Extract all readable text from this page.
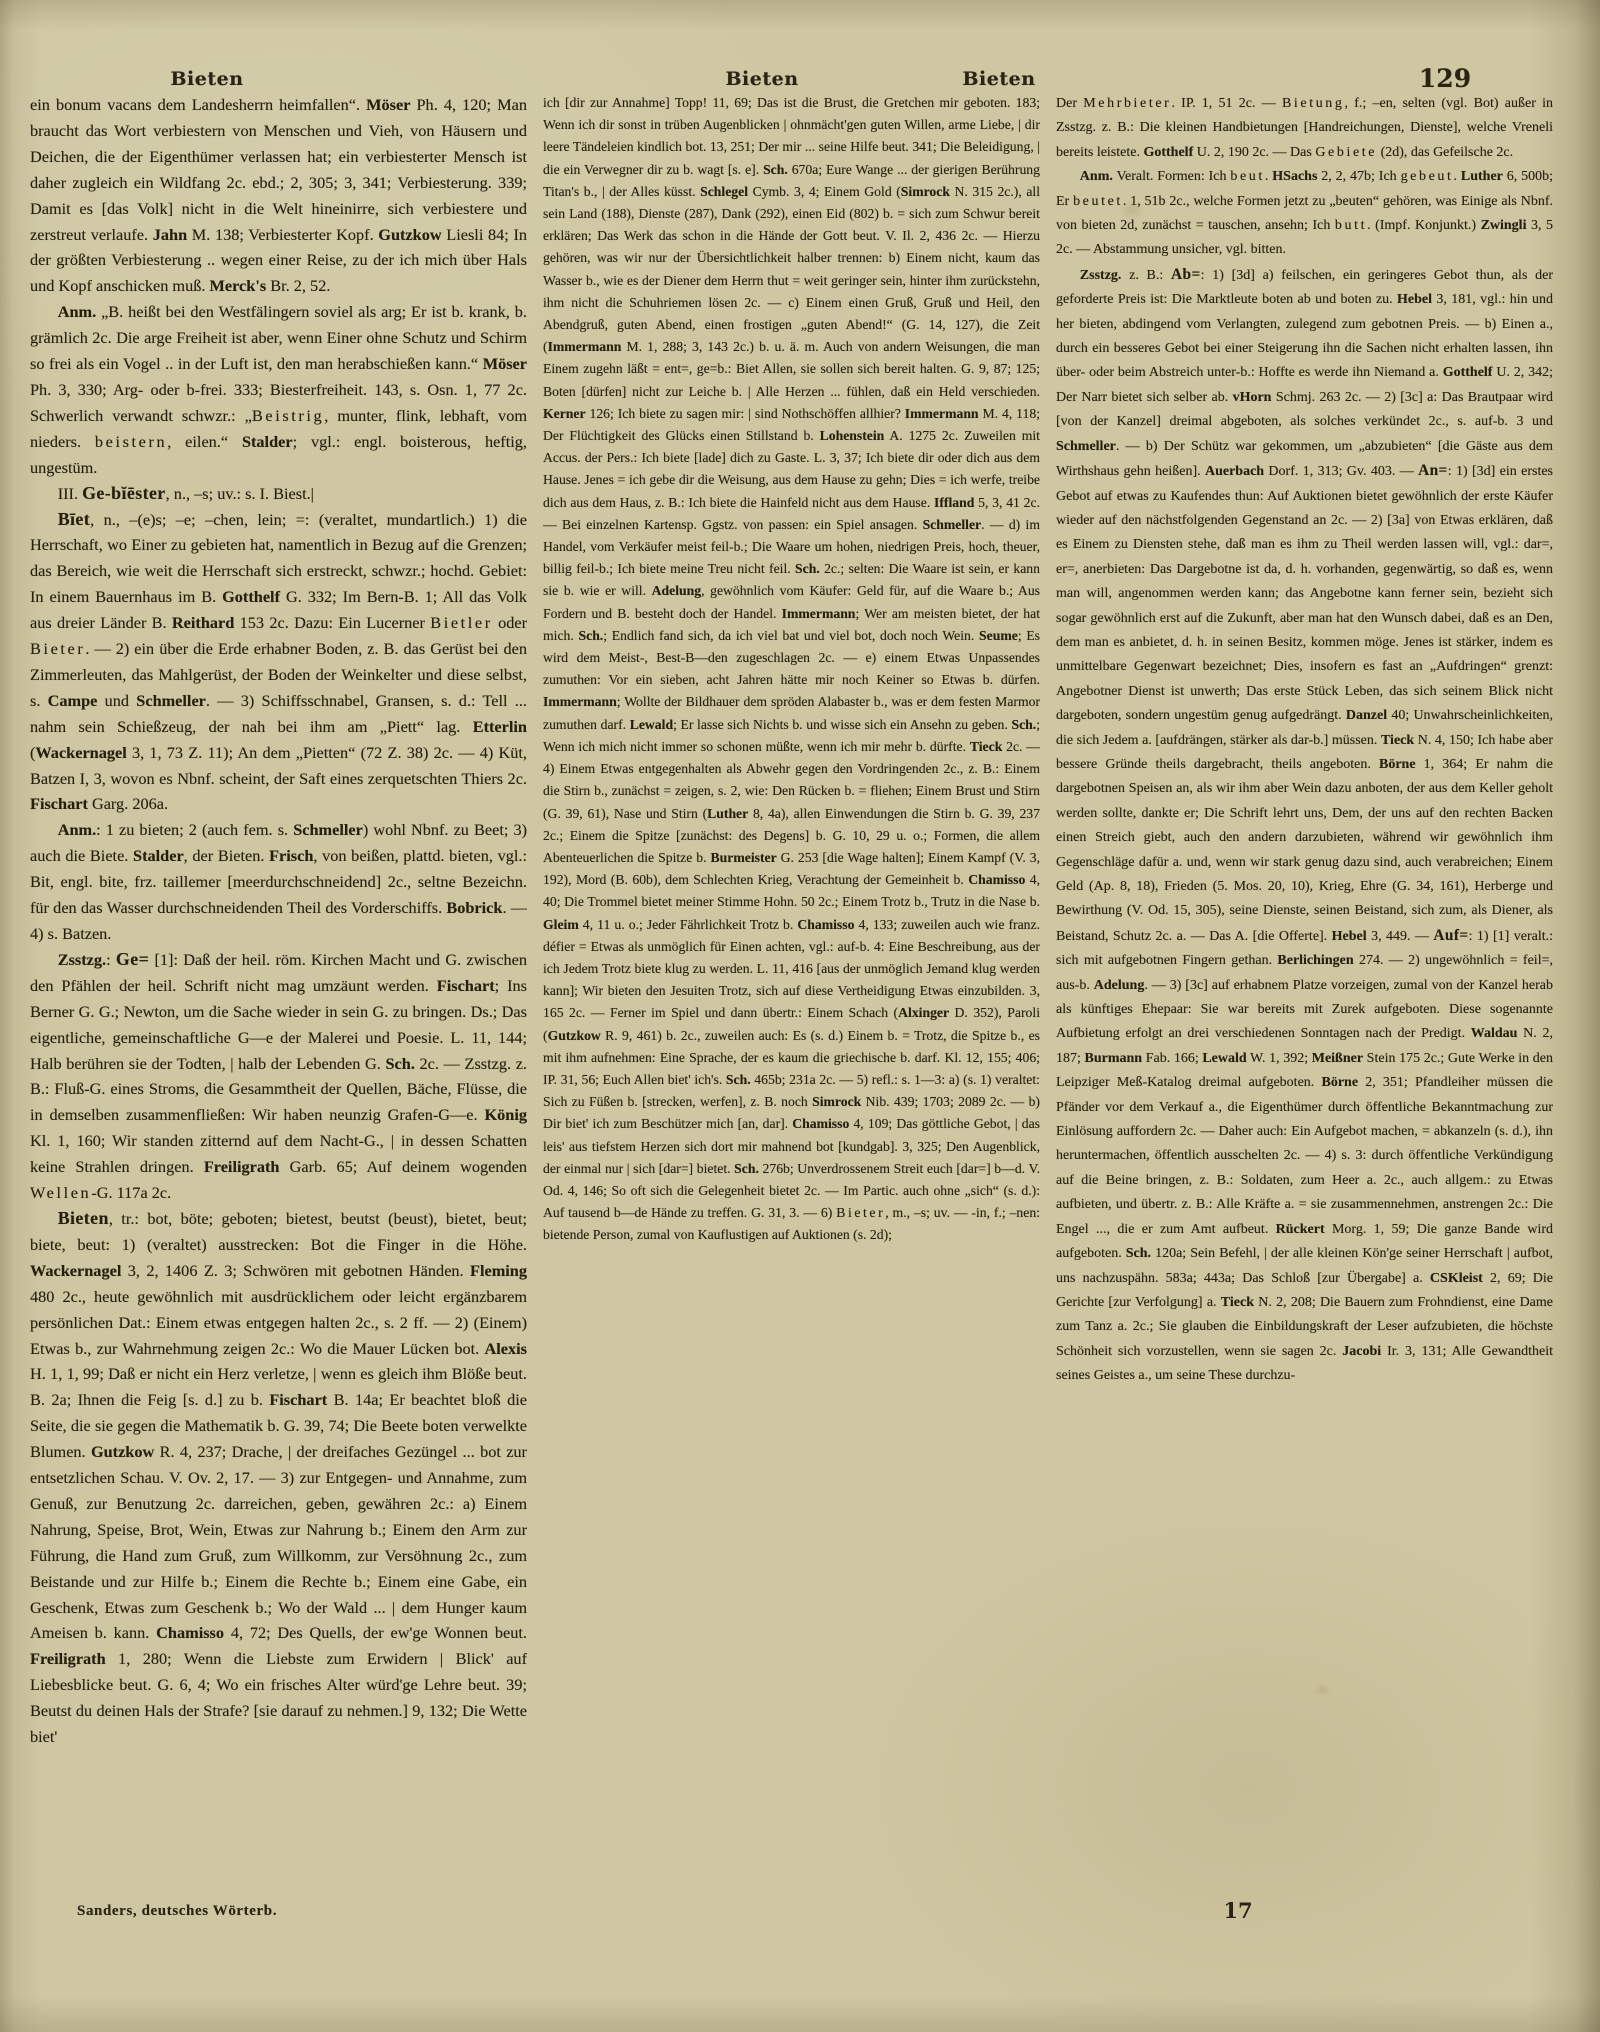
Bieten	Bieten	Bieten	129

ein bonum vacans dem Landesherrn heimfallen“. Möser Ph. 4, 120; Man braucht das Wort verbiestern von Menschen und Vieh, von Häusern und Deichen, die der Eigenthümer verlassen hat; ein verbiesterter Mensch ist daher zugleich ein Wildfang 2c. ebd.; 2, 305; 3, 341; Verbiesterung. 339; Damit es [das Volk] nicht in die Welt hineinirre, sich verbiestere und zerstreut verlaufe. Jahn M. 138; Verbiesterter Kopf. Gutzkow Liesli 84; In der größten Verbiesterung .. wegen einer Reise, zu der ich mich über Hals und Kopf anschicken muß. Merck's Br. 2, 52.

Anm. „B. heißt bei den Westfälingern soviel als arg; Er ist b. krank, b. grämlich 2c. Die arge Freiheit ist aber, wenn Einer ohne Schutz und Schirm so frei als ein Vogel .. in der Luft ist, den man herabschießen kann.“ Möser Ph. 3, 330; Arg- oder b-frei. 333; Biesterfreiheit. 143, s. Osn. 1, 77 2c. Schwerlich verwandt schwzr.: „Beistrig, munter, flink, lebhaft, vom nieders. beistern, eilen.“ Stalder; vgl.: engl. boisterous, heftig, ungestüm.

III. Ge-bĭēster, n., –s; uv.: s. I. Biest.|

Bīet, n., –(e)s; –e; –chen, lein; =: (veraltet, mundartlich.) 1) die Herrschaft, wo Einer zu gebieten hat, namentlich in Bezug auf die Grenzen; das Bereich, wie weit die Herrschaft sich erstreckt, schwzr.; hochd. Gebiet: In einem Bauernhaus im B. Gotthelf G. 332; Im Bern-B. 1; All das Volk aus dreier Länder B. Reithard 153 2c. Dazu: Ein Lucerner Bietler oder Bieter. — 2) ein über die Erde erhabner Boden, z. B. das Gerüst bei den Zimmerleuten, das Mahlgerüst, der Boden der Weinkelter und diese selbst, s. Campe und Schmeller. — 3) Schiffsschnabel, Gransen, s. d.: Tell ... nahm sein Schießzeug, der nah bei ihm am „Piett“ lag. Etterlin (Wackernagel 3, 1, 73 Z. 11); An dem „Pietten“ (72 Z. 38) 2c. — 4) Küt, Batzen I, 3, wovon es Nbnf. scheint, der Saft eines zerquetschten Thiers 2c. Fischart Garg. 206a.

Anm.: 1 zu bieten; 2 (auch fem. s. Schmeller) wohl Nbnf. zu Beet; 3) auch die Biete. Stalder, der Bieten. Frisch, von beißen, plattd. bieten, vgl.: Bit, engl. bite, frz. taillemer [meerdurchschneidend] 2c., seltne Bezeichn. für den das Wasser durchschneidenden Theil des Vorderschiffs. Bobrick. — 4) s. Batzen.

Zsstzg.: Ge= [1]: Daß der heil. röm. Kirchen Macht und G. zwischen den Pfählen der heil. Schrift nicht mag umzäunt werden. Fischart; Ins Berner G. G.; Newton, um die Sache wieder in sein G. zu bringen. Ds.; Das eigentliche, gemeinschaftliche G—e der Malerei und Poesie. L. 11, 144; Halb berühren sie der Todten, | halb der Lebenden G. Sch. 2c. — Zsstzg. z. B.: Fluß-G. eines Stroms, die Gesammtheit der Quellen, Bäche, Flüsse, die in demselben zusammenfließen: Wir haben neunzig Grafen-G—e. König Kl. 1, 160; Wir standen zitternd auf dem Nacht-G., | in dessen Schatten keine Strahlen dringen. Freiligrath Garb. 65; Auf deinem wogenden Wellen-G. 117a 2c.

Bieten, tr.: bot, böte; geboten; bietest, beutst (beust), bietet, beut; biete, beut: 1) (veraltet) ausstrecken: Bot die Finger in die Höhe. Wackernagel 3, 2, 1406 Z. 3; Schwören mit gebotnen Händen. Fleming 480 2c., heute gewöhnlich mit ausdrücklichem oder leicht ergänzbarem persönlichen Dat.: Einem etwas entgegen halten 2c., s. 2 ff. — 2) (Einem) Etwas b., zur Wahrnehmung zeigen 2c.: Wo die Mauer Lücken bot. Alexis H. 1, 1, 99; Daß er nicht ein Herz verletze, | wenn es gleich ihm Blöße beut. B. 2a; Ihnen die Feig [s. d.] zu b. Fischart B. 14a; Er beachtet bloß die Seite, die sie gegen die Mathematik b. G. 39, 74; Die Beete boten verwelkte Blumen. Gutzkow R. 4, 237; Drache, | der dreifaches Gezüngel ... bot zur entsetzlichen Schau. V. Ov. 2, 17. — 3) zur Entgegen- und Annahme, zum Genuß, zur Benutzung 2c. darreichen, geben, gewähren 2c.: a) Einem Nahrung, Speise, Brot, Wein, Etwas zur Nahrung b.; Einem den Arm zur Führung, die Hand zum Gruß, zum Willkomm, zur Versöhnung 2c., zum Beistande und zur Hilfe b.; Einem die Rechte b.; Einem eine Gabe, ein Geschenk, Etwas zum Geschenk b.; Wo der Wald ... | dem Hunger kaum Ameisen b. kann. Chamisso 4, 72; Des Quells, der ew'ge Wonnen beut. Freiligrath 1, 280; Wenn die Liebste zum Erwidern | Blick' auf Liebesblicke beut. G. 6, 4; Wo ein frisches Alter würd'ge Lehre beut. 39; Beutst du deinen Hals der Strafe? [sie darauf zu nehmen.] 9, 132; Die Wette biet'

ich [dir zur Annahme] Topp! 11, 69; Das ist die Brust, die Gretchen mir geboten. 183; Wenn ich dir sonst in trüben Augenblicken | ohnmächt'gen guten Willen, arme Liebe, | dir leere Tändeleien kindlich bot. 13, 251; Der mir ... seine Hilfe beut. 341; Die Beleidigung, | die ein Verwegner dir zu b. wagt [s. e]. Sch. 670a; Eure Wange ... der gierigen Berührung Titan's b., | der Alles küsst. Schlegel Cymb. 3, 4; Einem Gold (Simrock N. 315 2c.), all sein Land (188), Dienste (287), Dank (292), einen Eid (802) b. = sich zum Schwur bereit erklären; Das Werk das schon in die Hände der Gott beut. V. Il. 2, 436 2c. — Hierzu gehören, was wir nur der Übersichtlichkeit halber trennen: b) Einem nicht, kaum das Wasser b., wie es der Diener dem Herrn thut = weit geringer sein, hinter ihm zurückstehn, ihm nicht die Schuhriemen lösen 2c. — c) Einem einen Gruß, Gruß und Heil, den Abendgruß, guten Abend, einen frostigen „guten Abend!“ (G. 14, 127), die Zeit (Immermann M. 1, 288; 3, 143 2c.) b. u. ä. m. Auch von andern Weisungen, die man Einem zugehn läßt = ent=, ge=b.: Biet Allen, sie sollen sich bereit halten. G. 9, 87; 125; Boten [dürfen] nicht zur Leiche b. | Alle Herzen ... fühlen, daß ein Held verschieden. Kerner 126; Ich biete zu sagen mir: | sind Nothschöffen allhier? Immermann M. 4, 118; Der Flüchtigkeit des Glücks einen Stillstand b. Lohenstein A. 1275 2c. Zuweilen mit Accus. der Pers.: Ich biete [lade] dich zu Gaste. L. 3, 37; Ich biete dir oder dich aus dem Hause. Jenes = ich gebe dir die Weisung, aus dem Hause zu gehn; Dies = ich werfe, treibe dich aus dem Haus, z. B.: Ich biete die Hainfeld nicht aus dem Hause. Iffland 5, 3, 41 2c. — Bei einzelnen Kartensp. Ggstz. von passen: ein Spiel ansagen. Schmeller. — d) im Handel, vom Verkäufer meist feil-b.; Die Waare um hohen, niedrigen Preis, hoch, theuer, billig feil-b.; Ich biete meine Treu nicht feil. Sch. 2c.; selten: Die Waare ist sein, er kann sie b. wie er will. Adelung, gewöhnlich vom Käufer: Geld für, auf die Waare b.; Aus Fordern und B. besteht doch der Handel. Immermann; Wer am meisten bietet, der hat mich. Sch.; Endlich fand sich, da ich viel bat und viel bot, doch noch Wein. Seume; Es wird dem Meist-, Best-B—den zugeschlagen 2c. — e) einem Etwas Unpassendes zumuthen: Vor ein sieben, acht Jahren hätte mir noch Keiner so Etwas b. dürfen. Immermann; Wollte der Bildhauer dem spröden Alabaster b., was er dem festen Marmor zumuthen darf. Lewald; Er lasse sich Nichts b. und wisse sich ein Ansehn zu geben. Sch.; Wenn ich mich nicht immer so schonen müßte, wenn ich mir mehr b. dürfte. Tieck 2c. — 4) Einem Etwas entgegenhalten als Abwehr gegen den Vordringenden 2c., z. B.: Einem die Stirn b., zunächst = zeigen, s. 2, wie: Den Rücken b. = fliehen; Einem Brust und Stirn (G. 39, 61), Nase und Stirn (Luther 8, 4a), allen Einwendungen die Stirn b. G. 39, 237 2c.; Einem die Spitze [zunächst: des Degens] b. G. 10, 29 u. o.; Formen, die allem Abenteuerlichen die Spitze b. Burmeister G. 253 [die Wage halten]; Einem Kampf (V. 3, 192), Mord (B. 60b), dem Schlechten Krieg, Verachtung der Gemeinheit b. Chamisso 4, 40; Die Trommel bietet meiner Stimme Hohn. 50 2c.; Einem Trotz b., Trutz in die Nase b. Gleim 4, 11 u. o.; Jeder Fährlichkeit Trotz b. Chamisso 4, 133; zuweilen auch wie franz. défier = Etwas als unmöglich für Einen achten, vgl.: auf-b. 4: Eine Beschreibung, aus der ich Jedem Trotz biete klug zu werden. L. 11, 416 [aus der unmöglich Jemand klug werden kann]; Wir bieten den Jesuiten Trotz, sich auf diese Vertheidigung Etwas einzubilden. 3, 165 2c. — Ferner im Spiel und dann übertr.: Einem Schach (Alxinger D. 352), Paroli (Gutzkow R. 9, 461) b. 2c., zuweilen auch: Es (s. d.) Einem b. = Trotz, die Spitze b., es mit ihm aufnehmen: Eine Sprache, der es kaum die griechische b. darf. Kl. 12, 155; 406; IP. 31, 56; Euch Allen biet' ich's. Sch. 465b; 231a 2c. — 5) refl.: s. 1—3: a) (s. 1) veraltet: Sich zu Füßen b. [strecken, werfen], z. B. noch Simrock Nib. 439; 1703; 2089 2c. — b) Dir biet' ich zum Beschützer mich [an, dar]. Chamisso 4, 109; Das göttliche Gebot, | das leis' aus tiefstem Herzen sich dort mir mahnend bot [kundgab]. 3, 325; Den Augenblick, der einmal nur | sich [dar=] bietet. Sch. 276b; Unverdrossenem Streit euch [dar=] b—d. V. Od. 4, 146; So oft sich die Gelegenheit bietet 2c. — Im Partic. auch ohne „sich“ (s. d.): Auf tausend b—de Hände zu treffen. G. 31, 3. — 6) Bieter, m., –s; uv. — -in, f.; –nen: bietende Person, zumal von Kauflustigen auf Auktionen (s. 2d);

Der Mehrbieter. IP. 1, 51 2c. — Bietung, f.; –en, selten (vgl. Bot) außer in Zsstzg. z. B.: Die kleinen Handbietungen [Handreichungen, Dienste], welche Vreneli bereits leistete. Gotthelf U. 2, 190 2c. — Das Gebiete (2d), das Gefeilsche 2c.

Anm. Veralt. Formen: Ich beut. HSachs 2, 2, 47b; Ich gebeut. Luther 6, 500b; Er beutet. 1, 51b 2c., welche Formen jetzt zu „beuten“ gehören, was Einige als Nbnf. von bieten 2d, zunächst = tauschen, ansehn; Ich butt. (Impf. Konjunkt.) Zwingli 3, 5 2c. — Abstammung unsicher, vgl. bitten.

Zsstzg. z. B.: Ab=: 1) [3d] a) feilschen, ein geringeres Gebot thun, als der geforderte Preis ist: Die Marktleute boten ab und boten zu. Hebel 3, 181, vgl.: hin und her bieten, abdingend vom Verlangten, zulegend zum gebotnen Preis. — b) Einen a., durch ein besseres Gebot bei einer Steigerung ihn die Sachen nicht erhalten lassen, ihn über- oder beim Abstreich unter-b.: Hoffte es werde ihn Niemand a. Gotthelf U. 2, 342; Der Narr bietet sich selber ab. vHorn Schmj. 263 2c. — 2) [3c] a: Das Brautpaar wird [von der Kanzel] dreimal abgeboten, als solches verkündet 2c., s. auf-b. 3 und Schmeller. — b) Der Schütz war gekommen, um „abzubieten“ [die Gäste aus dem Wirthshaus gehn heißen]. Auerbach Dorf. 1, 313; Gv. 403. — An=: 1) [3d] ein erstes Gebot auf etwas zu Kaufendes thun: Auf Auktionen bietet gewöhnlich der erste Käufer wieder auf den nächstfolgenden Gegenstand an 2c. — 2) [3a] von Etwas erklären, daß es Einem zu Diensten stehe, daß man es ihm zu Theil werden lassen will, vgl.: dar=, er=, anerbieten: Das Dargebotne ist da, d. h. vorhanden, gegenwärtig, so daß es, wenn man will, angenommen werden kann; das Angebotne kann ferner sein, bezieht sich sogar gewöhnlich erst auf die Zukunft, aber man hat den Wunsch dabei, daß es an Den, dem man es anbietet, d. h. in seinen Besitz, kommen möge. Jenes ist stärker, indem es unmittelbare Gegenwart bezeichnet; Dies, insofern es fast an „Aufdringen“ grenzt: Angebotner Dienst ist unwerth; Das erste Stück Leben, das sich seinem Blick nicht dargeboten, sondern ungestüm genug aufgedrängt. Danzel 40; Unwahrscheinlichkeiten, die sich Jedem a. [aufdrängen, stärker als dar-b.] müssen. Tieck N. 4, 150; Ich habe aber bessere Gründe theils dargebracht, theils angeboten. Börne 1, 364; Er nahm die dargebotnen Speisen an, als wir ihm aber Wein dazu anboten, der aus dem Keller geholt werden sollte, dankte er; Die Schrift lehrt uns, Dem, der uns auf den rechten Backen einen Streich giebt, auch den andern darzubieten, während wir gewöhnlich ihm Gegenschläge dafür a. und, wenn wir stark genug dazu sind, auch verabreichen; Einem Geld (Ap. 8, 18), Frieden (5. Mos. 20, 10), Krieg, Ehre (G. 34, 161), Herberge und Bewirthung (V. Od. 15, 305), seine Dienste, seinen Beistand, sich zum, als Diener, als Beistand, Schutz 2c. a. — Das A. [die Offerte]. Hebel 3, 449. — Auf=: 1) [1] veralt.: sich mit aufgebotnen Fingern gethan. Berlichingen 274. — 2) ungewöhnlich = feil=, aus-b. Adelung. — 3) [3c] auf erhabnem Platze vorzeigen, zumal von der Kanzel herab als künftiges Ehepaar: Sie war bereits mit Zurek aufgeboten. Diese sogenannte Aufbietung erfolgt an drei verschiedenen Sonntagen nach der Predigt. Waldau N. 2, 187; Burmann Fab. 166; Lewald W. 1, 392; Meißner Stein 175 2c.; Gute Werke in den Leipziger Meß-Katalog dreimal aufgeboten. Börne 2, 351; Pfandleiher müssen die Pfänder vor dem Verkauf a., die Eigenthümer durch öffentliche Bekanntmachung zur Einlösung auffordern 2c. — Daher auch: Ein Aufgebot machen, = abkanzeln (s. d.), ihn heruntermachen, öffentlich ausschelten 2c. — 4) s. 3: durch öffentliche Verkündigung auf die Beine bringen, z. B.: Soldaten, zum Heer a. 2c., auch allgem.: zu Etwas aufbieten, und übertr. z. B.: Alle Kräfte a. = sie zusammennehmen, anstrengen 2c.: Die Engel ..., die er zum Amt aufbeut. Rückert Morg. 1, 59; Die ganze Bande wird aufgeboten. Sch. 120a; Sein Befehl, | der alle kleinen Kön'ge seiner Herrschaft | aufbot, uns nachzuspähn. 583a; 443a; Das Schloß [zur Übergabe] a. CSKleist 2, 69; Die Gerichte [zur Verfolgung] a. Tieck N. 2, 208; Die Bauern zum Frohndienst, eine Dame zum Tanz a. 2c.; Sie glauben die Einbildungskraft der Leser aufzubieten, die höchste Schönheit sich vorzustellen, wenn sie sagen 2c. Jacobi Ir. 3, 131; Alle Gewandtheit seines Geistes a., um seine These durchzu-

Sanders, deutsches Wörterb.	17
